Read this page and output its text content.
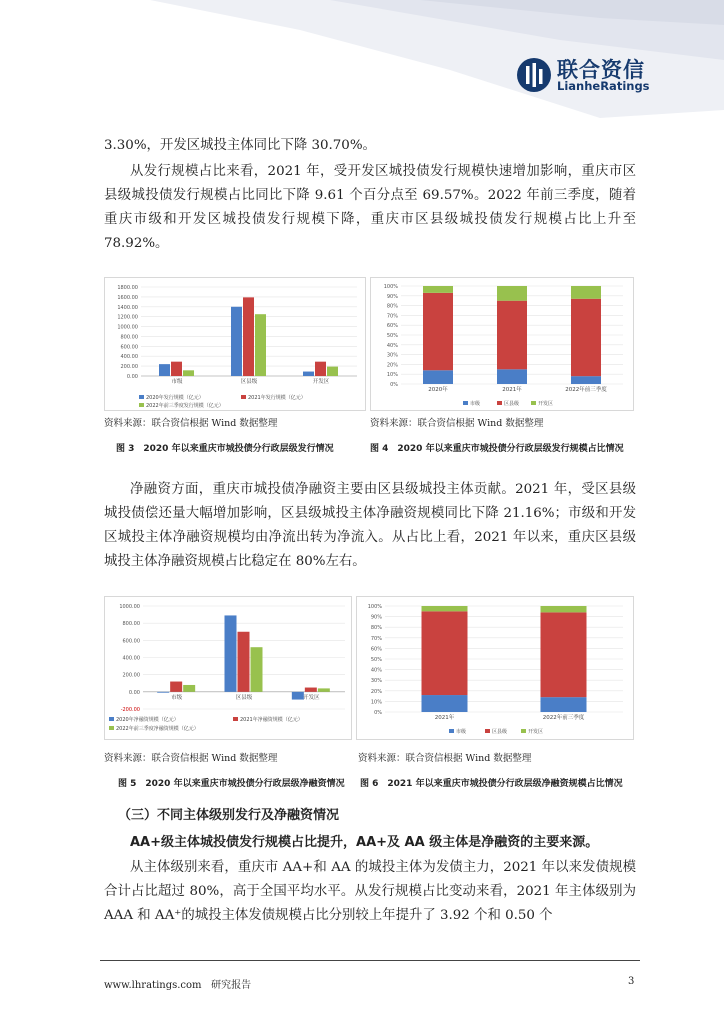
联合资信
LianheRatings

3.30%，开发区城投主体同比下降 30.70%。

从发行规模占比来看，2021 年，受开发区城投债发行规模快速增加影响，重庆市区县级城投债发行规模占比同比下降 9.61 个百分点至 69.57%。2022 年前三季度，随着重庆市级和开发区城投债发行规模下降，重庆市区县级城投债发行规模占比上升至 78.92%。

0.00
200.00
400.00
600.00
800.00
1000.00
1200.00
1400.00
1600.00
1800.00
市级	区县级	开发区
2020年发行规模（亿元）	2021年发行规模（亿元）
2022年前三季度发行规模（亿元）
0%
10%
20%
30%
40%
50%
60%
70%
80%
90%
100%
2020年	2021年	2022年前三季度
市级	区县级	开发区
资料来源：联合资信根据 Wind 数据整理	资料来源：联合资信根据 Wind 数据整理
图 3　2020 年以来重庆市城投债分行政层级发行情况	图 4　2020 年以来重庆市城投债分行政层级发行规模占比情况

净融资方面，重庆市城投债净融资主要由区县级城投主体贡献。2021 年，受区县级城投债偿还量大幅增加影响，区县级城投主体净融资规模同比下降 21.16%；市级和开发区城投主体净融资规模均由净流出转为净流入。从占比上看，2021 年以来，重庆区县级城投主体净融资规模占比稳定在 80%左右。

-200.00
0.00
200.00
400.00
600.00
800.00
1000.00
市级	区县级	开发区
2020年净融资规模（亿元）	2021年净融资规模（亿元）
2022年前三季度净融资规模（亿元）
0%
10%
20%
30%
40%
50%
60%
70%
80%
90%
100%
2021年	2022年前三季度
市级	区县级	开发区
资料来源：联合资信根据 Wind 数据整理	资料来源：联合资信根据 Wind 数据整理
图 5　2020 年以来重庆市城投债分行政层级净融资情况 图 6　2021 年以来重庆市城投债分行政层级净融资规模占比情况
（三）不同主体级别发行及净融资情况
AA+级主体城投债发行规模占比提升，AA+及 AA 级主体是净融资的主要来源。

从主体级别来看，重庆市 AA+和 AA 的城投主体为发债主力，2021 年以来发债规模合计占比超过 80%，高于全国平均水平。从发行规模占比变动来看，2021 年主体级别为 AAA 和 AA⁺的城投主体发债规模占比分别较上年提升了 3.92 个和 0.50 个

www.lhratings.com 研究报告	3
